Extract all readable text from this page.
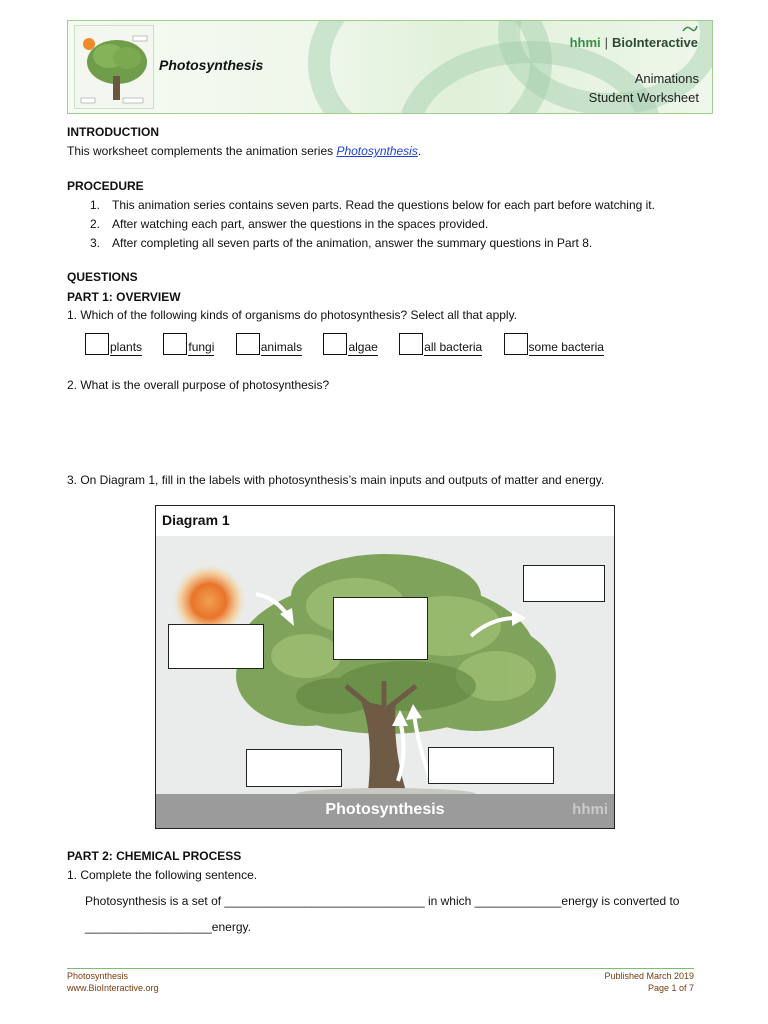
Photosynthesis
hhmi | BioInteractive
Animations
Student Worksheet
INTRODUCTION
This worksheet complements the animation series Photosynthesis.
PROCEDURE
1. This animation series contains seven parts. Read the questions below for each part before watching it.
2. After watching each part, answer the questions in the spaces provided.
3. After completing all seven parts of the animation, answer the summary questions in Part 8.
QUESTIONS
PART 1: OVERVIEW
1. Which of the following kinds of organisms do photosynthesis? Select all that apply.
plants	fungi	animals	algae	all bacteria	some bacteria
2. What is the overall purpose of photosynthesis?
3. On Diagram 1, fill in the labels with photosynthesis’s main inputs and outputs of matter and energy.
Diagram 1
Photosynthesis	hhmi
PART 2: CHEMICAL PROCESS
1. Complete the following sentence.
Photosynthesis is a set of ______________________________ in which _____________energy is converted to
___________________energy.
Photosynthesis
www.BioInteractive.org
Published March 2019
Page 1 of 7
